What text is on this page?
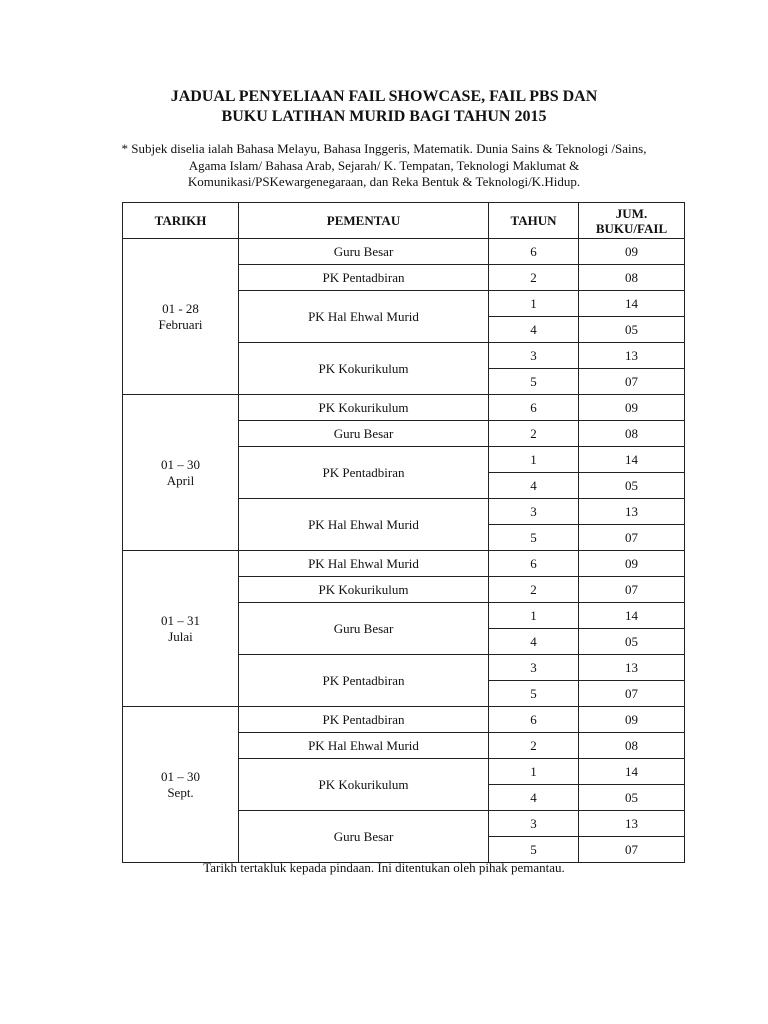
JADUAL PENYELIAAN FAIL SHOWCASE, FAIL PBS DAN
BUKU LATIHAN MURID BAGI TAHUN 2015
* Subjek diselia ialah Bahasa Melayu, Bahasa Inggeris, Matematik. Dunia Sains & Teknologi /Sains,
Agama Islam/ Bahasa Arab, Sejarah/ K. Tempatan, Teknologi Maklumat &
Komunikasi/PSKewargenegaraan, dan Reka Bentuk & Teknologi/K.Hidup.
TARIKH	PEMENTAU	TAHUN	JUM.
BUKU/FAIL

01 - 28
Februari	Guru Besar	6	09
	PK Pentadbiran	2	08
	PK Hal Ehwal Murid	1	14
		4	05
	PK Kokurikulum	3	13
		5	07

01 – 30
April	PK Kokurikulum	6	09
	Guru Besar	2	08
	PK Pentadbiran	1	14
		4	05
	PK Hal Ehwal Murid	3	13
		5	07

01 – 31
Julai	PK Hal Ehwal Murid	6	09
	PK Kokurikulum	2	07
	Guru Besar	1	14
		4	05
	PK Pentadbiran	3	13
		5	07

01 – 30
Sept.	PK Pentadbiran	6	09
	PK Hal Ehwal Murid	2	08
	PK Kokurikulum	1	14
		4	05
	Guru Besar	3	13
		5	07
Tarikh tertakluk kepada pindaan. Ini ditentukan oleh pihak pemantau.
